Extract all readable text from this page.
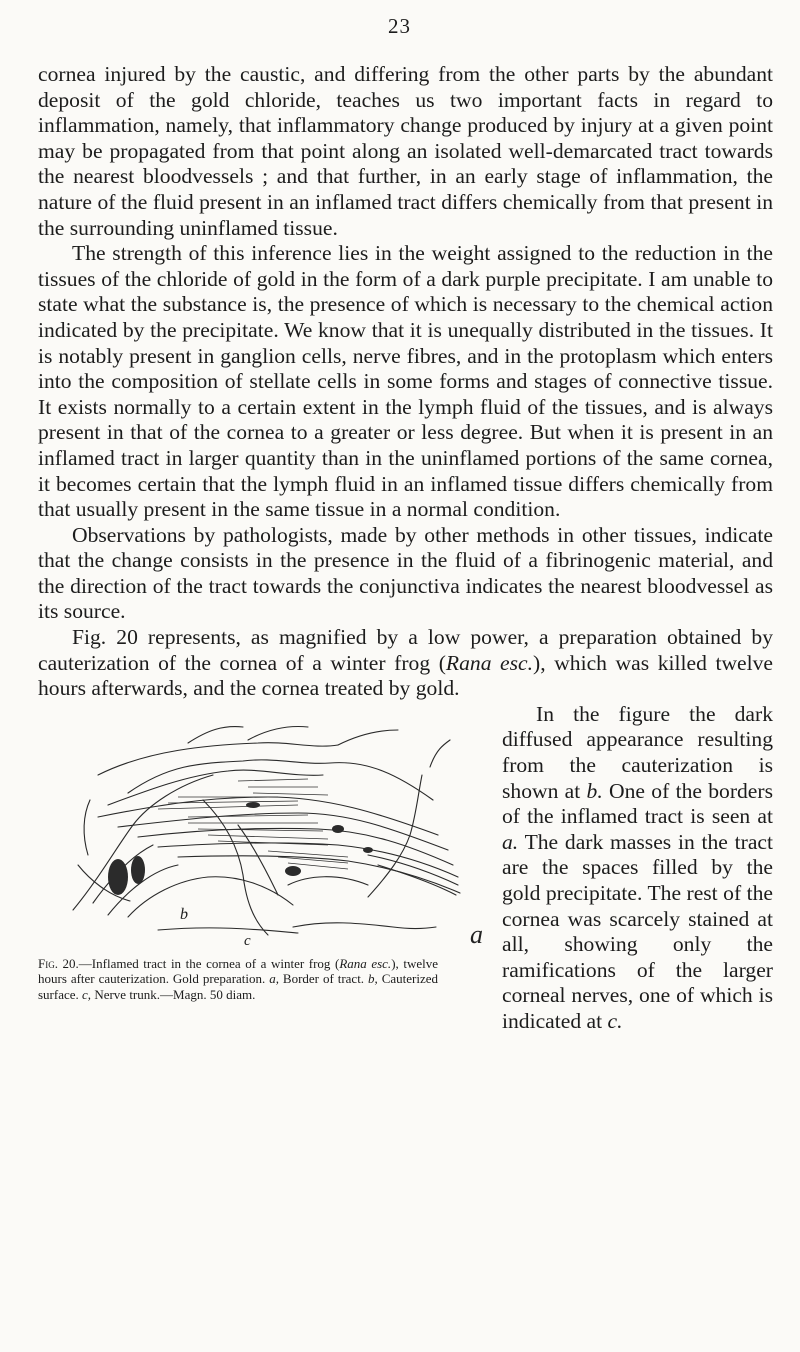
23

cornea injured by the caustic, and differing from the other parts by the abundant deposit of the gold chloride, teaches us two important facts in regard to inflammation, namely, that inflammatory change produced by injury at a given point may be propagated from that point along an isolated well-demarcated tract towards the nearest bloodvessels ; and that further, in an early stage of inflammation, the nature of the fluid present in an inflamed tract differs chemically from that present in the surrounding uninflamed tissue.

The strength of this inference lies in the weight assigned to the reduction in the tissues of the chloride of gold in the form of a dark purple precipitate. I am unable to state what the substance is, the presence of which is necessary to the chemical action indicated by the precipitate. We know that it is unequally distributed in the tissues. It is notably present in ganglion cells, nerve fibres, and in the protoplasm which enters into the composition of stellate cells in some forms and stages of connective tissue. It exists normally to a certain extent in the lymph fluid of the tissues, and is always present in that of the cornea to a greater or less degree. But when it is present in an inflamed tract in larger quantity than in the uninflamed portions of the same cornea, it becomes certain that the lymph fluid in an inflamed tissue differs chemically from that usually present in the same tissue in a normal condition.

Observations by pathologists, made by other methods in other tissues, indicate that the change consists in the presence in the fluid of a fibrinogenic material, and the direction of the tract towards the conjunctiva indicates the nearest bloodvessel as its source.

Fig. 20 represents, as magnified by a low power, a preparation obtained by cauterization of the cornea of a winter frog (Rana esc.), which was killed twelve hours afterwards, and the cornea treated by gold.

b
c	a
Fig. 20.—Inflamed tract in the cornea of a winter frog (Rana esc.), twelve hours after cauterization. Gold preparation. a, Border of tract. b, Cauterized surface. c, Nerve trunk.—Magn. 50 diam.

In the figure the dark diffused appearance resulting from the cauterization is shown at b. One of the borders of the inflamed tract is seen at a. The dark masses in the tract are the spaces filled by the gold precipitate. The rest of the cornea was scarcely stained at all, showing only the ramifications of the larger corneal nerves, one of which is indicated at c.
